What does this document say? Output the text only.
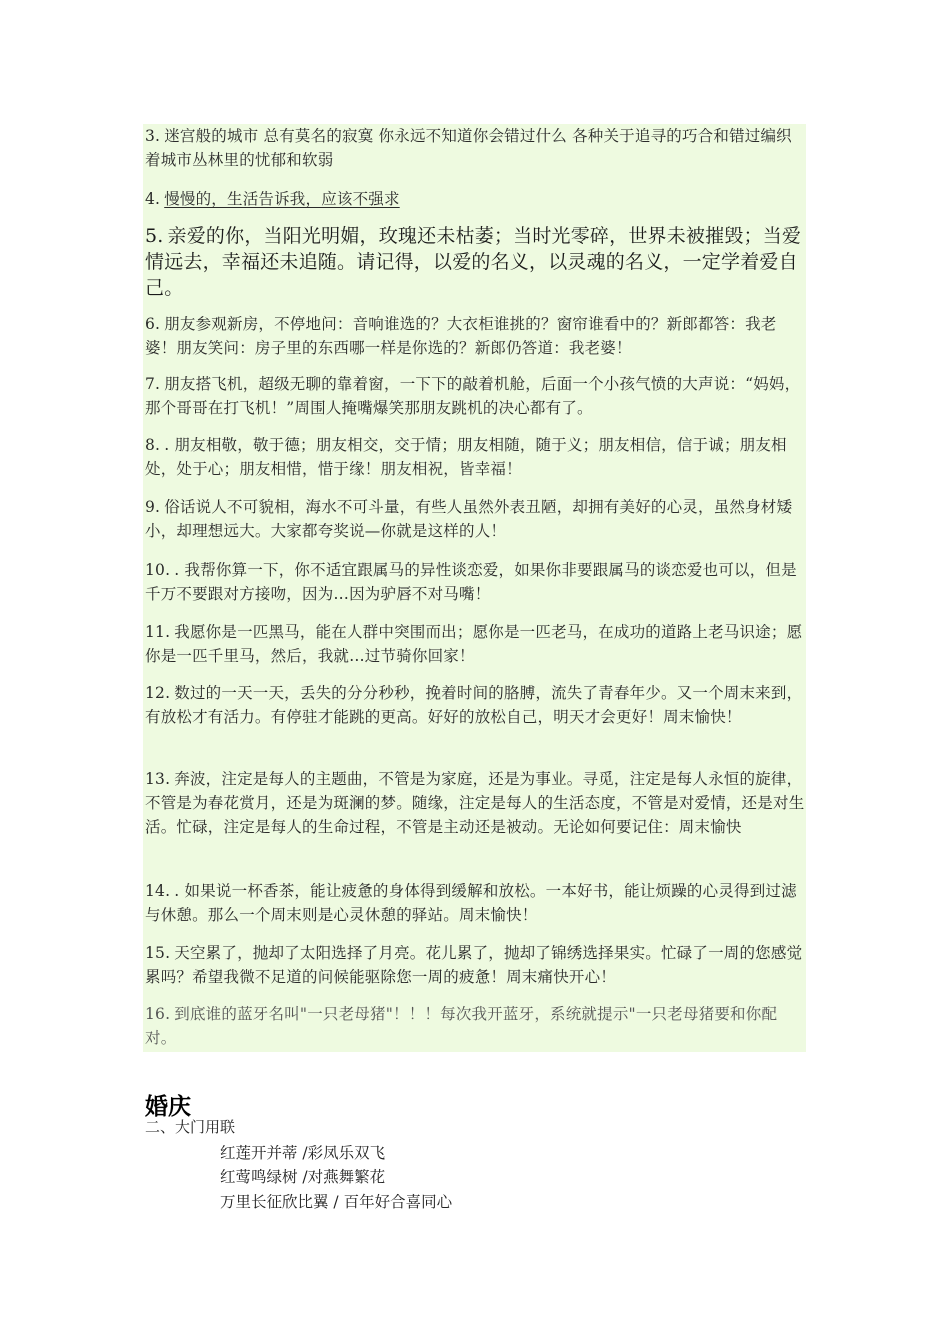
3. 迷宫般的城市 总有莫名的寂寞 你永远不知道你会错过什么 各种关于追寻的巧合和错过编织着城市丛林里的忧郁和软弱
4. 慢慢的，生活告诉我，应该不强求
5. 亲爱的你，当阳光明媚，玫瑰还未枯萎；当时光零碎，世界未被摧毁；当爱情远去，幸福还未追随。请记得，以爱的名义，以灵魂的名义，一定学着爱自己。
6. 朋友参观新房，不停地问：音响谁选的？大衣柜谁挑的？窗帘谁看中的？新郎都答：我老婆！朋友笑问：房子里的东西哪一样是你选的？新郎仍答道：我老婆！
7. 朋友搭飞机，超级无聊的靠着窗，一下下的敲着机舱，后面一个小孩气愤的大声说：“妈妈，那个哥哥在打飞机！”周围人掩嘴爆笑那朋友跳机的决心都有了。
8. . 朋友相敬，敬于德；朋友相交，交于情；朋友相随，随于义；朋友相信，信于诚；朋友相处，处于心；朋友相惜，惜于缘！朋友相祝，皆幸福！
9. 俗话说人不可貌相，海水不可斗量，有些人虽然外表丑陋，却拥有美好的心灵，虽然身材矮小，却理想远大。大家都夸奖说—你就是这样的人！
10. . 我帮你算一下，你不适宜跟属马的异性谈恋爱，如果你非要跟属马的谈恋爱也可以，但是千万不要跟对方接吻，因为…因为驴唇不对马嘴！
11. 我愿你是一匹黑马，能在人群中突围而出；愿你是一匹老马，在成功的道路上老马识途；愿你是一匹千里马，然后，我就…过节骑你回家！
12. 数过的一天一天，丢失的分分秒秒，挽着时间的胳膊，流失了青春年少。又一个周末来到，有放松才有活力。有停驻才能跳的更高。好好的放松自己，明天才会更好！周末愉快！
13. 奔波，注定是每人的主题曲，不管是为家庭，还是为事业。寻觅，注定是每人永恒的旋律，不管是为春花赏月，还是为斑澜的梦。随缘，注定是每人的生活态度，不管是对爱情，还是对生活。忙碌，注定是每人的生命过程，不管是主动还是被动。无论如何要记住：周末愉快
14. . 如果说一杯香茶，能让疲惫的身体得到缓解和放松。一本好书，能让烦躁的心灵得到过滤与休憩。那么一个周末则是心灵休憩的驿站。周末愉快！
15. 天空累了，抛却了太阳选择了月亮。花儿累了，抛却了锦绣选择果实。忙碌了一周的您感觉累吗？希望我微不足道的问候能驱除您一周的疲惫！周末痛快开心！
16. 到底谁的蓝牙名叫"一只老母猪"！！！每次我开蓝牙，系统就提示"一只老母猪要和你配对。
婚庆
二、大门用联
红莲开并蒂 /彩凤乐双飞
红莺鸣绿树 /对燕舞繁花
万里长征欣比翼 / 百年好合喜同心
